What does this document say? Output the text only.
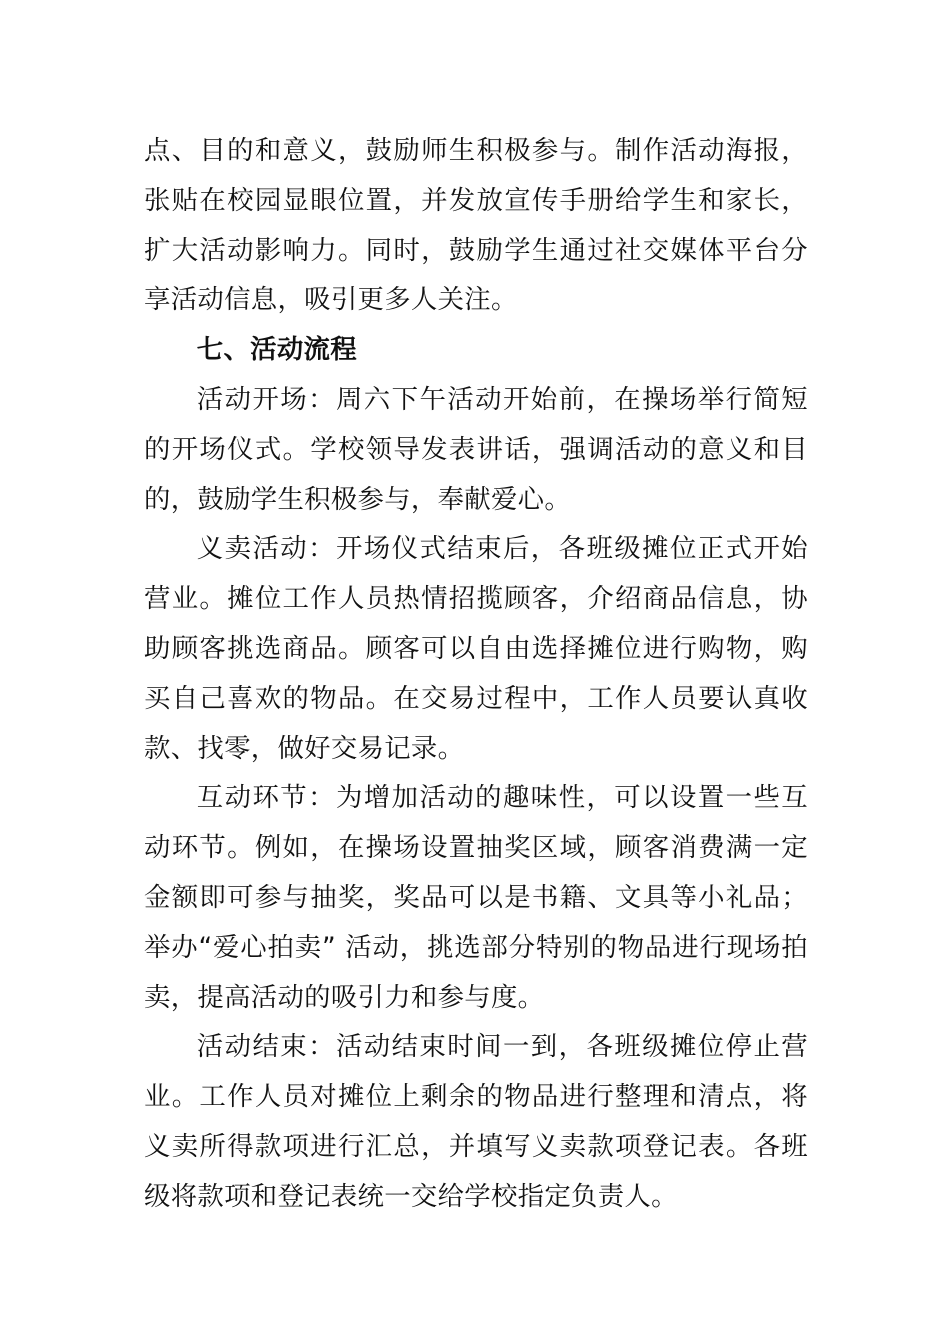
点、目的和意义，鼓励师生积极参与。制作活动海报，张贴在校园显眼位置，并发放宣传手册给学生和家长，扩大活动影响力。同时，鼓励学生通过社交媒体平台分享活动信息，吸引更多人关注。

七、活动流程

活动开场：周六下午活动开始前，在操场举行简短的开场仪式。学校领导发表讲话，强调活动的意义和目的，鼓励学生积极参与，奉献爱心。

义卖活动：开场仪式结束后，各班级摊位正式开始营业。摊位工作人员热情招揽顾客，介绍商品信息，协助顾客挑选商品。顾客可以自由选择摊位进行购物，购买自己喜欢的物品。在交易过程中，工作人员要认真收款、找零，做好交易记录。

互动环节：为增加活动的趣味性，可以设置一些互动环节。例如，在操场设置抽奖区域，顾客消费满一定金额即可参与抽奖，奖品可以是书籍、文具等小礼品；举办“爱心拍卖” 活动，挑选部分特别的物品进行现场拍卖，提高活动的吸引力和参与度。

活动结束：活动结束时间一到，各班级摊位停止营业。工作人员对摊位上剩余的物品进行整理和清点，将义卖所得款项进行汇总，并填写义卖款项登记表。各班级将款项和登记表统一交给学校指定负责人。
